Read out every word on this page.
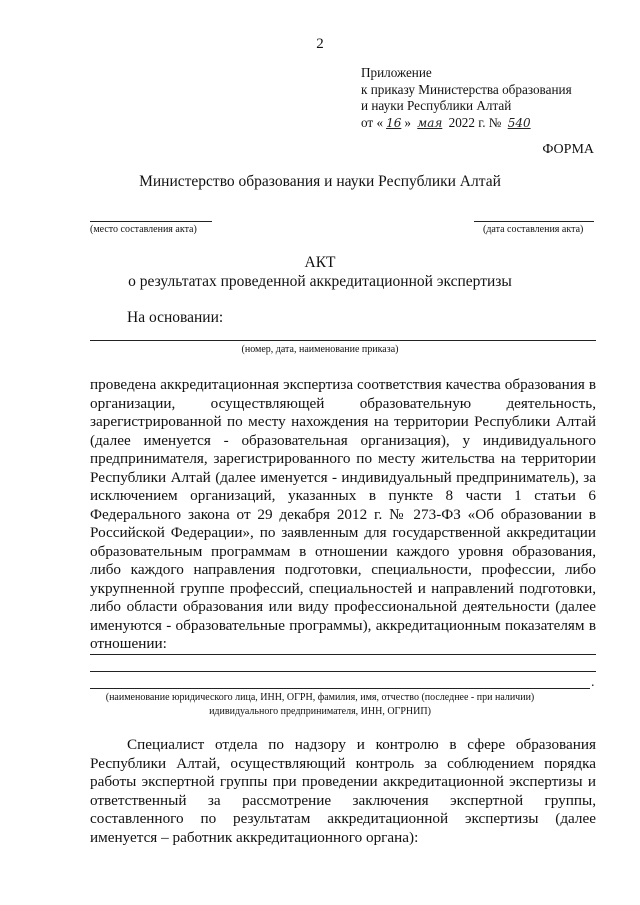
2
Приложение
к приказу Министерства образования
и науки Республики Алтай
от « 16 » мая 2022 г. № 540
ФОРМА
Министерство образования и науки Республики Алтай
(место составления акта)	(дата составления акта)
АКТ
о результатах проведенной аккредитационной экспертизы
На основании:
(номер, дата, наименование приказа)
проведена аккредитационная экспертиза соответствия качества образования в организации, осуществляющей образовательную деятельность, зарегистрированной по месту нахождения на территории Республики Алтай (далее именуется - образовательная организация), у индивидуального предпринимателя, зарегистрированного по месту жительства на территории Республики Алтай (далее именуется - индивидуальный предприниматель), за исключением организаций, указанных в пункте 8 части 1 статьи 6 Федерального закона от 29 декабря 2012 г. № 273-ФЗ «Об образовании в Российской Федерации», по заявленным для государственной аккредитации образовательным программам в отношении каждого уровня образования, либо каждого направления подготовки, специальности, профессии, либо укрупненной группе профессий, специальностей и направлений подготовки, либо области образования или виду профессиональной деятельности (далее именуются - образовательные программы), аккредитационным показателям в отношении:
.
(наименование юридического лица, ИНН, ОГРН, фамилия, имя, отчество (последнее - при наличии)
идивидуального предпринимателя, ИНН, ОГРНИП)
Специалист отдела по надзору и контролю в сфере образования Республики Алтай, осуществляющий контроль за соблюдением порядка работы экспертной группы при проведении аккредитационной экспертизы и ответственный за рассмотрение заключения экспертной группы, составленного по результатам аккредитационной экспертизы (далее именуется – работник аккредитационного органа):
